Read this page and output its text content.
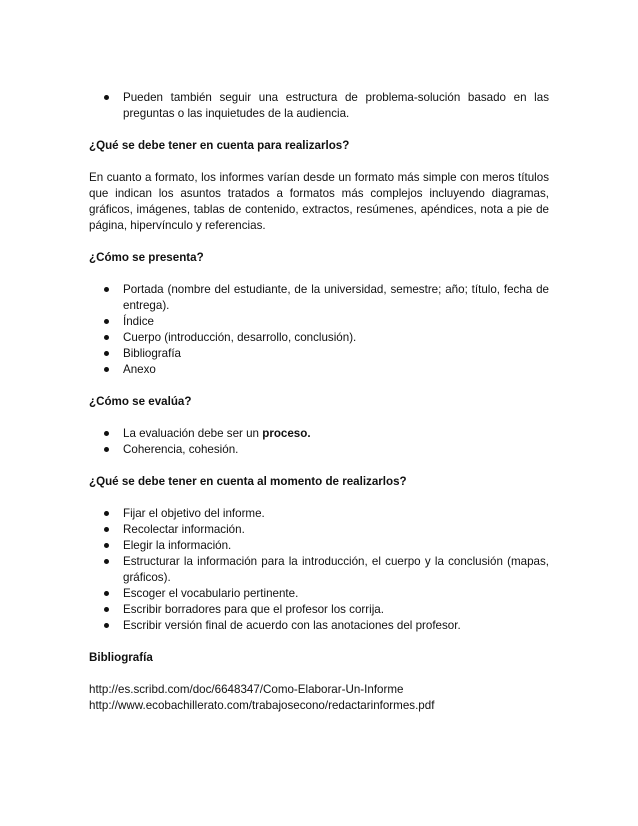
Pueden también seguir una estructura de problema-solución basado en las preguntas o las inquietudes de la audiencia.
¿Qué se debe tener en cuenta para realizarlos?

En cuanto a formato, los informes varían desde un formato más simple con meros títulos que indican los asuntos tratados a formatos más complejos incluyendo diagramas, gráficos, imágenes, tablas de contenido, extractos, resúmenes, apéndices, nota a pie de página, hipervínculo y referencias.

¿Cómo se presenta?
Portada (nombre del estudiante, de la universidad, semestre; año; título, fecha de entrega).
Índice
Cuerpo (introducción, desarrollo, conclusión).
Bibliografía
Anexo
¿Cómo se evalúa?
La evaluación debe ser un proceso.
Coherencia, cohesión.
¿Qué se debe tener en cuenta al momento de realizarlos?
Fijar el objetivo del informe.
Recolectar información.
Elegir la información.
Estructurar la información para la introducción, el cuerpo y la conclusión (mapas, gráficos).
Escoger el vocabulario pertinente.
Escribir borradores para que el profesor los corrija.
Escribir versión final de acuerdo con las anotaciones del profesor.
Bibliografía
http://es.scribd.com/doc/6648347/Como-Elaborar-Un-Informe
http://www.ecobachillerato.com/trabajosecono/redactarinformes.pdf
